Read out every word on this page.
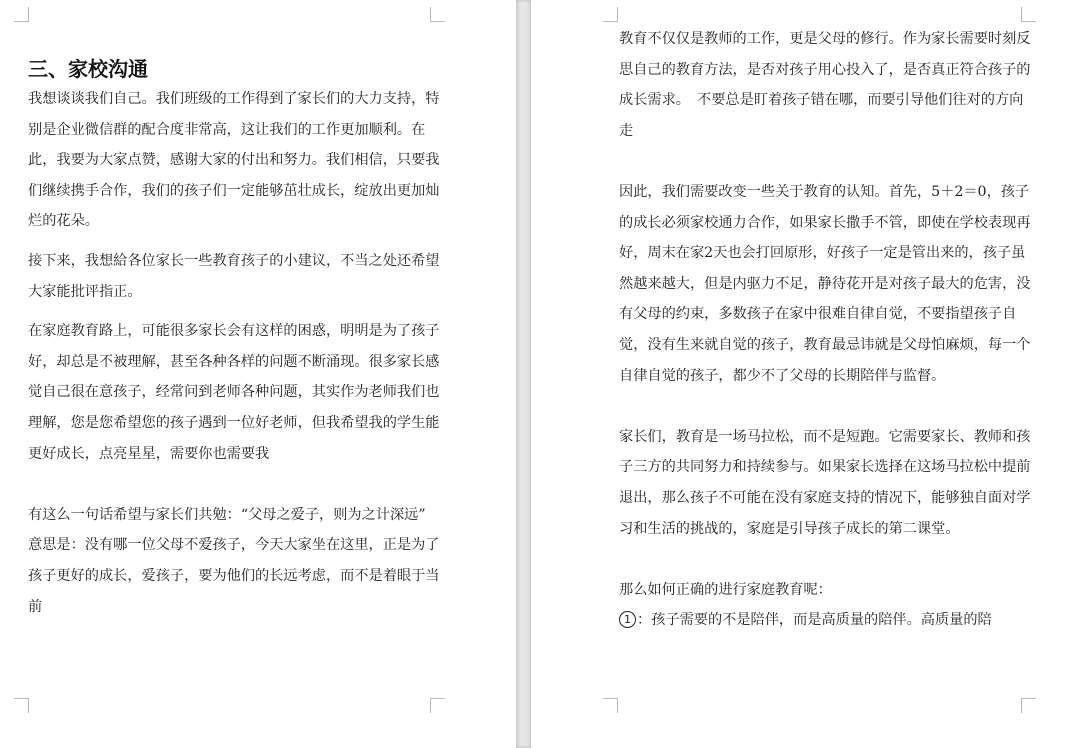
三、家校沟通

我想谈谈我们自己。我们班级的工作得到了家长们的大力支持，特别是企业微信群的配合度非常高，这让我们的工作更加顺利。在此，我要为大家点赞，感谢大家的付出和努力。我们相信，只要我们继续携手合作，我们的孩子们一定能够茁壮成长，绽放出更加灿烂的花朵。

接下来，我想給各位家长一些教育孩子的小建议，不当之处还希望大家能批评指正。

在家庭教育路上，可能很多家长会有这样的困惑，明明是为了孩子好，却总是不被理解，甚至各种各样的问题不断涌现。很多家长感觉自己很在意孩子，经常问到老师各种问题，其实作为老师我们也理解，您是您希望您的孩子遇到一位好老师，但我希望我的学生能更好成长，点亮星星，需要你也需要我

有这么一句话希望与家长们共勉：“父母之爱子，则为之计深远”

意思是：没有哪一位父母不爱孩子，今天大家坐在这里，正是为了孩子更好的成长，爱孩子，要为他们的长远考虑，而不是着眼于当前

教育不仅仅是教师的工作，更是父母的修行。作为家长需要时刻反思自己的教育方法，是否对孩子用心投入了，是否真正符合孩子的成长需求。　不要总是盯着孩子错在哪，而要引导他们往对的方向走

因此，我们需要改变一些关于教育的认知。首先，5＋2＝0，孩子的成长必须家校通力合作，如果家长撒手不管，即使在学校表现再好，周末在家2天也会打回原形，好孩子一定是管出来的，孩子虽然越来越大，但是内驱力不足，静待花开是对孩子最大的危害，没有父母的约束，多数孩子在家中很难自律自觉，不要指望孩子自觉，没有生来就自觉的孩子，教育最忌讳就是父母怕麻烦，每一个自律自觉的孩子，都少不了父母的长期陪伴与监督。

家长们，教育是一场马拉松，而不是短跑。它需要家长、教师和孩子三方的共同努力和持续参与。如果家长选择在这场马拉松中提前退出，那么孩子不可能在没有家庭支持的情况下，能够独自面对学习和生活的挑战的，家庭是引导孩子成长的第二课堂。

那么如何正确的进行家庭教育呢：

1 ：孩子需要的不是陪伴，而是高质量的陪伴。高质量的陪
